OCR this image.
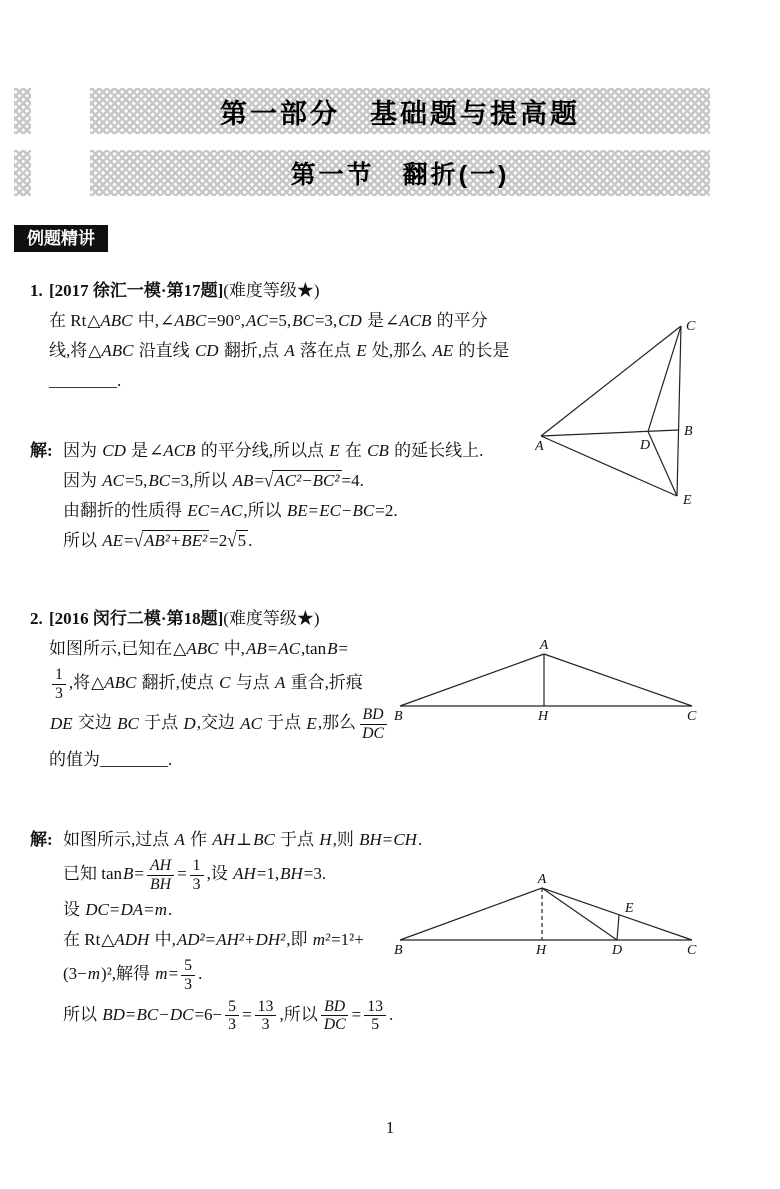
第一部分　基础题与提高题
第一节　翻折(一)
例题精讲
1. [2017 徐汇一模·第17题](难度等级★)
在 Rt△ABC 中,∠ABC=90°,AC=5,BC=3,CD 是∠ACB 的平分
线,将△ABC 沿直线 CD 翻折,点 A 落在点 E 处,那么 AE 的长是
________.
解: 因为 CD 是∠ACB 的平分线,所以点 E 在 CB 的延长线上.
因为 AC=5,BC=3,所以 AB=√AC²−BC² =4.
由翻折的性质得 EC=AC,所以 BE=EC−BC=2.
所以 AE=√AB²+BE² =2√5 .
C
A	D
B
E
2. [2016 闵行二模·第18题](难度等级★)
如图所示,已知在△ABC 中,AB=AC,tanB=
$\frac{1}{3}$ ,将△ABC 翻折,使点 C 与点 A 重合,折痕
DE 交边 BC 于点 D,交边 AC 于点 E,那么 $\frac{BD}{DC}$
的值为________.
解: 如图所示,过点 A 作 AH⊥BC 于点 H,则 BH=CH.
已知 $\tan B= \frac{AH}{BH} = \frac{1}{3}$ ,设 AH=1,BH=3.
设 DC=DA=m.
在 Rt△ADH 中,AD²=AH²+DH²,即 m²=1²+
(3−m)²,解得 $m= \frac{5}{3}$ .
所以 $BD=BC-DC=6- \frac{5}{3} = \frac{13}{3}$ ,所以 $\frac{BD}{DC} = \frac{13}{5}$ .
A
B	H	C
A
E
B	H	D	C
1
